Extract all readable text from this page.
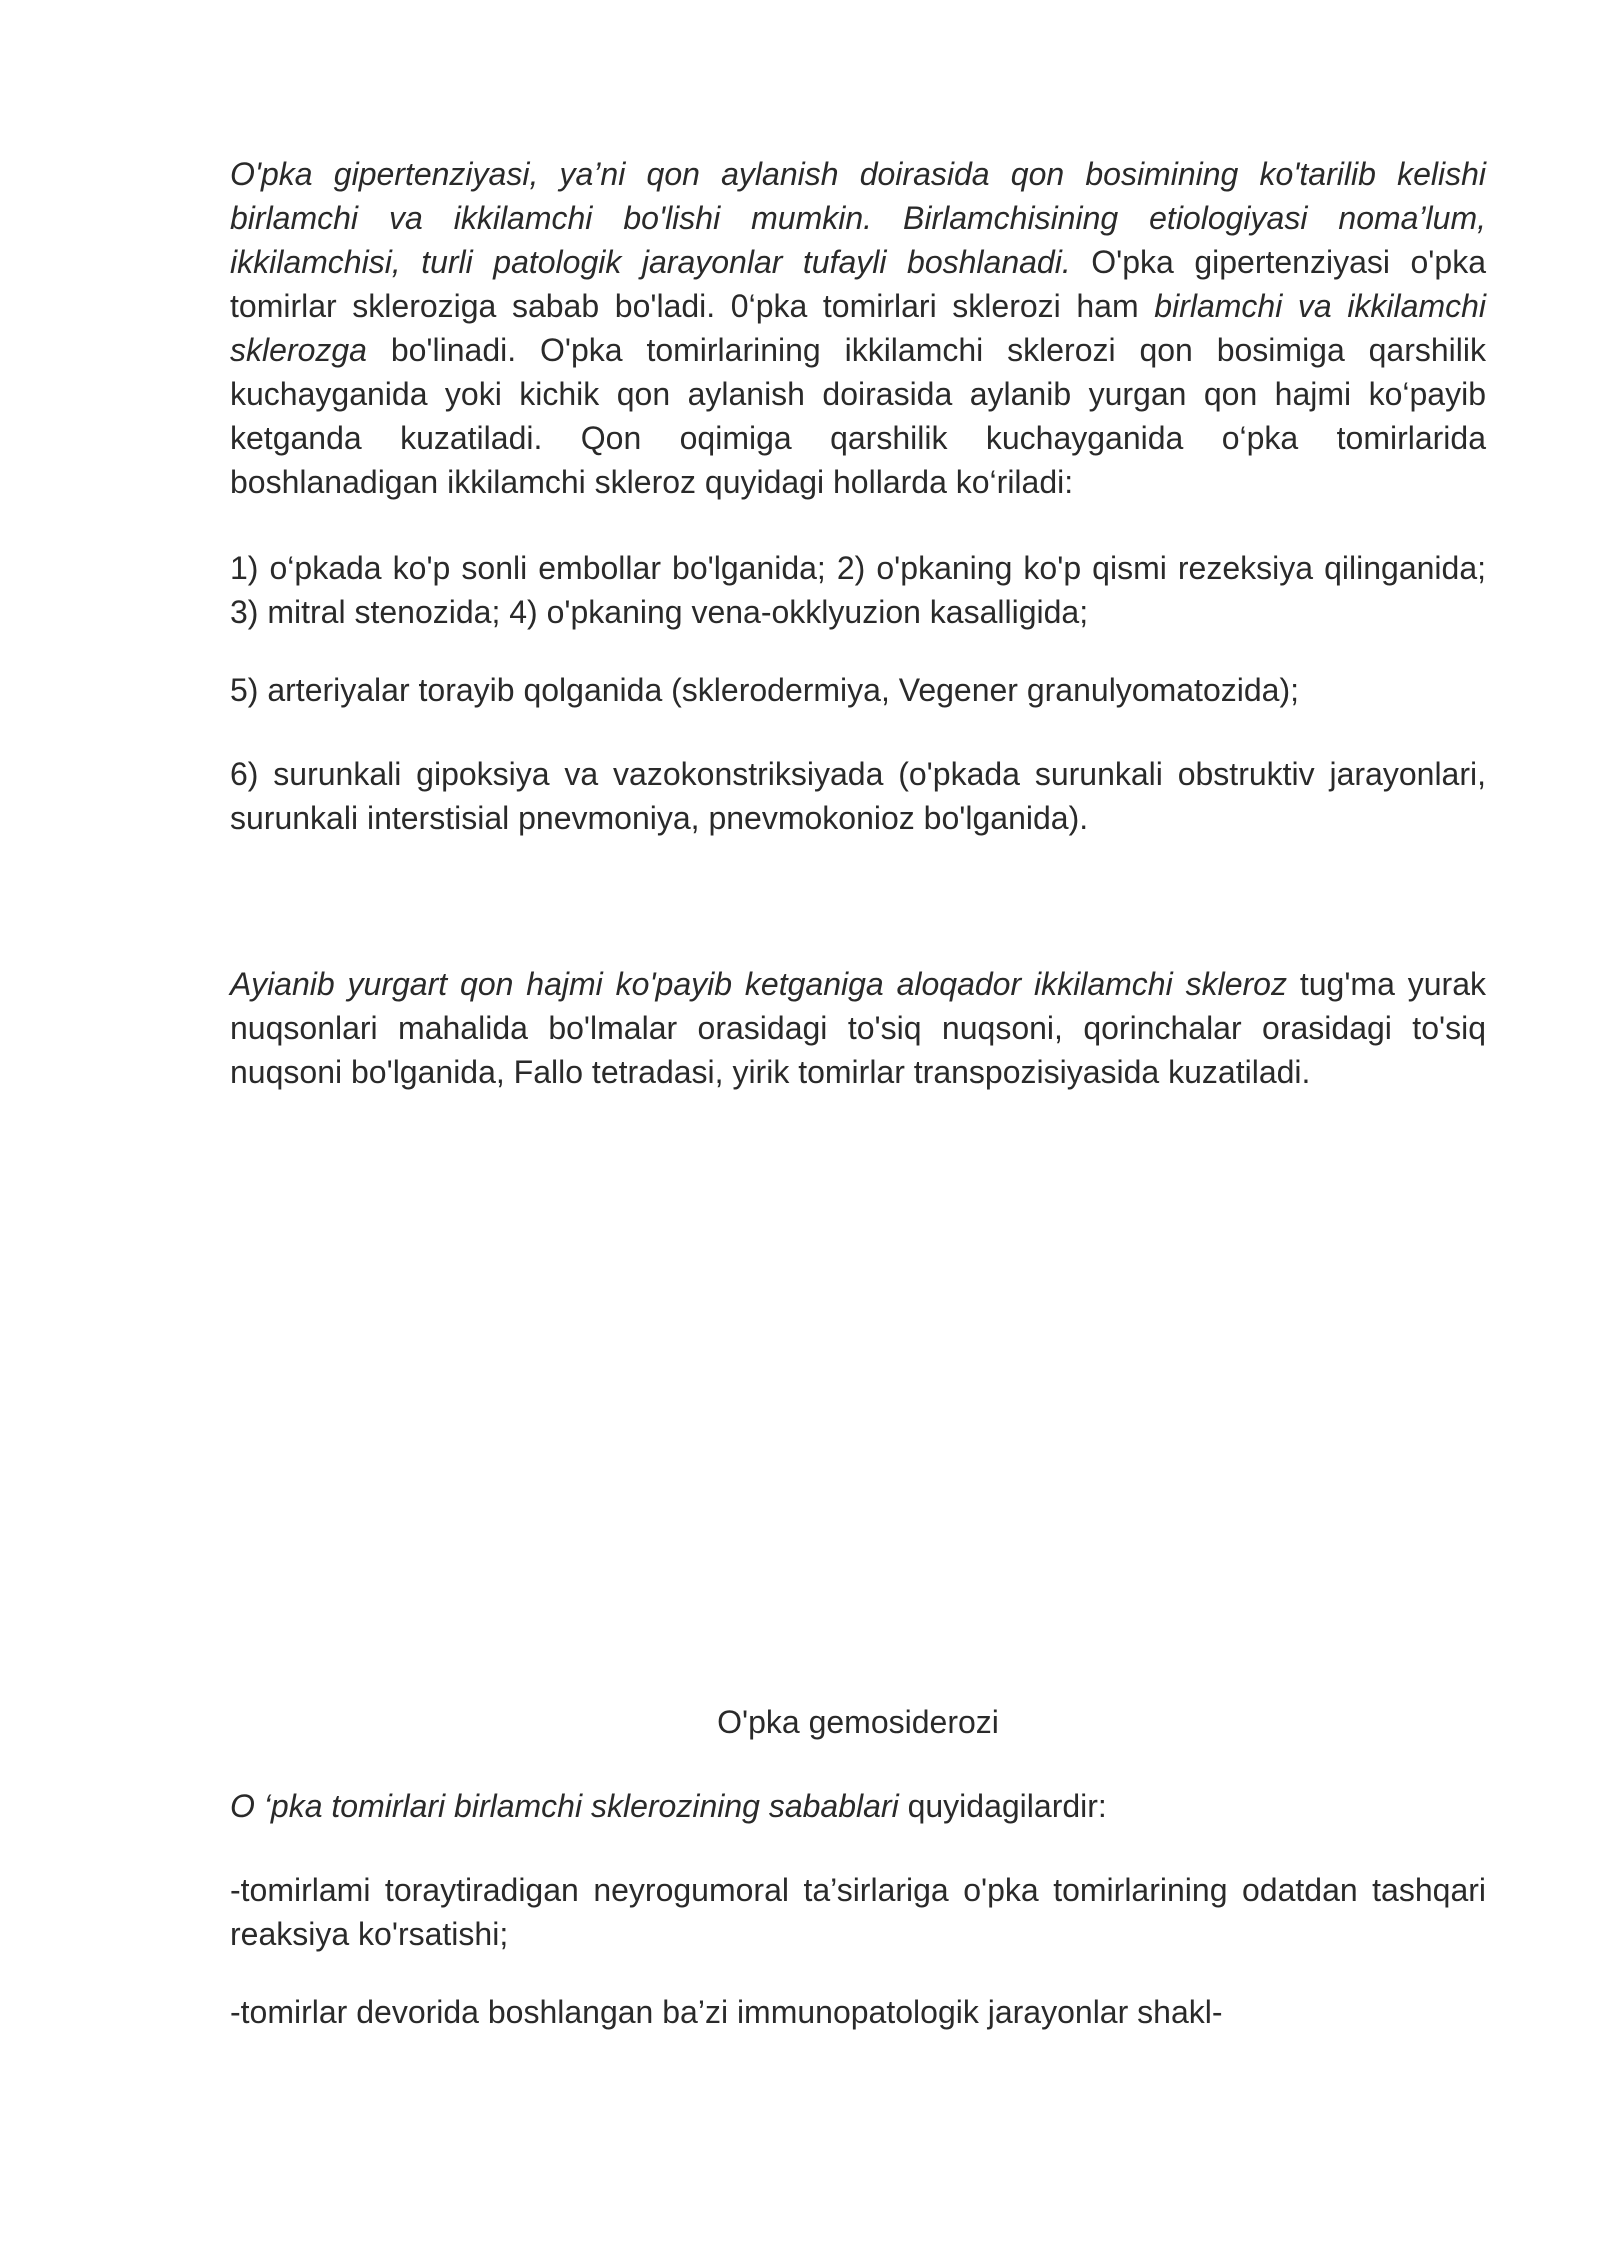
O'pka gipertenziyasi, ya’ni qon aylanish doirasida qon bosimining ko'tarilib kelishi birlamchi va ikkilamchi bo'lishi mumkin. Birlamchisining etiologiyasi noma’lum, ikkilamchisi, turli patologik jarayonlar tufayli boshlanadi. O'pka gipertenziyasi o'pka tomirlar skleroziga sabab bo'ladi. 0‘pka tomirlari sklerozi ham birlamchi va ikkilamchi sklerozga bo'linadi. O'pka tomirlarining ikkilamchi sklerozi qon bosimiga qarshilik kuchayganida yoki kichik qon aylanish doirasida aylanib yurgan qon hajmi ko‘payib ketganda kuzatiladi. Qon oqimiga qarshilik kuchayganida o‘pka tomirlarida boshlanadigan ikkilamchi skleroz quyidagi hollarda ko‘riladi:

1) o‘pkada ko'p sonli embollar bo'lganida; 2) o'pkaning ko'p qismi rezeksiya qilinganida; 3) mitral stenozida; 4) o'pkaning vena-okklyuzion kasalligida;

5) arteriyalar torayib qolganida (sklerodermiya, Vegener granulyomatozida);

6) surunkali gipoksiya va vazokonstriksiyada (o'pkada surunkali obstruktiv jarayonlari, surunkali interstisial pnevmoniya, pnevmokonioz bo'lganida).

Ayianib yurgart qon hajmi ko'payib ketganiga aloqador ikkilamchi skleroz tug'ma yurak nuqsonlari mahalida bo'lmalar orasidagi to'siq nuqsoni, qorinchalar orasidagi to'siq nuqsoni bo'lganida, Fallo tetradasi, yirik tomirlar transpozisiyasida kuzatiladi.

O'pka gemosiderozi

O ‘pka tomirlari birlamchi sklerozining sabablari quyidagilardir:

-tomirlami toraytiradigan neyrogumoral ta’sirlariga o'pka tomirlarining odatdan tashqari reaksiya ko'rsatishi;

-tomirlar devorida boshlangan ba’zi immunopatologik jarayonlar shakl-
